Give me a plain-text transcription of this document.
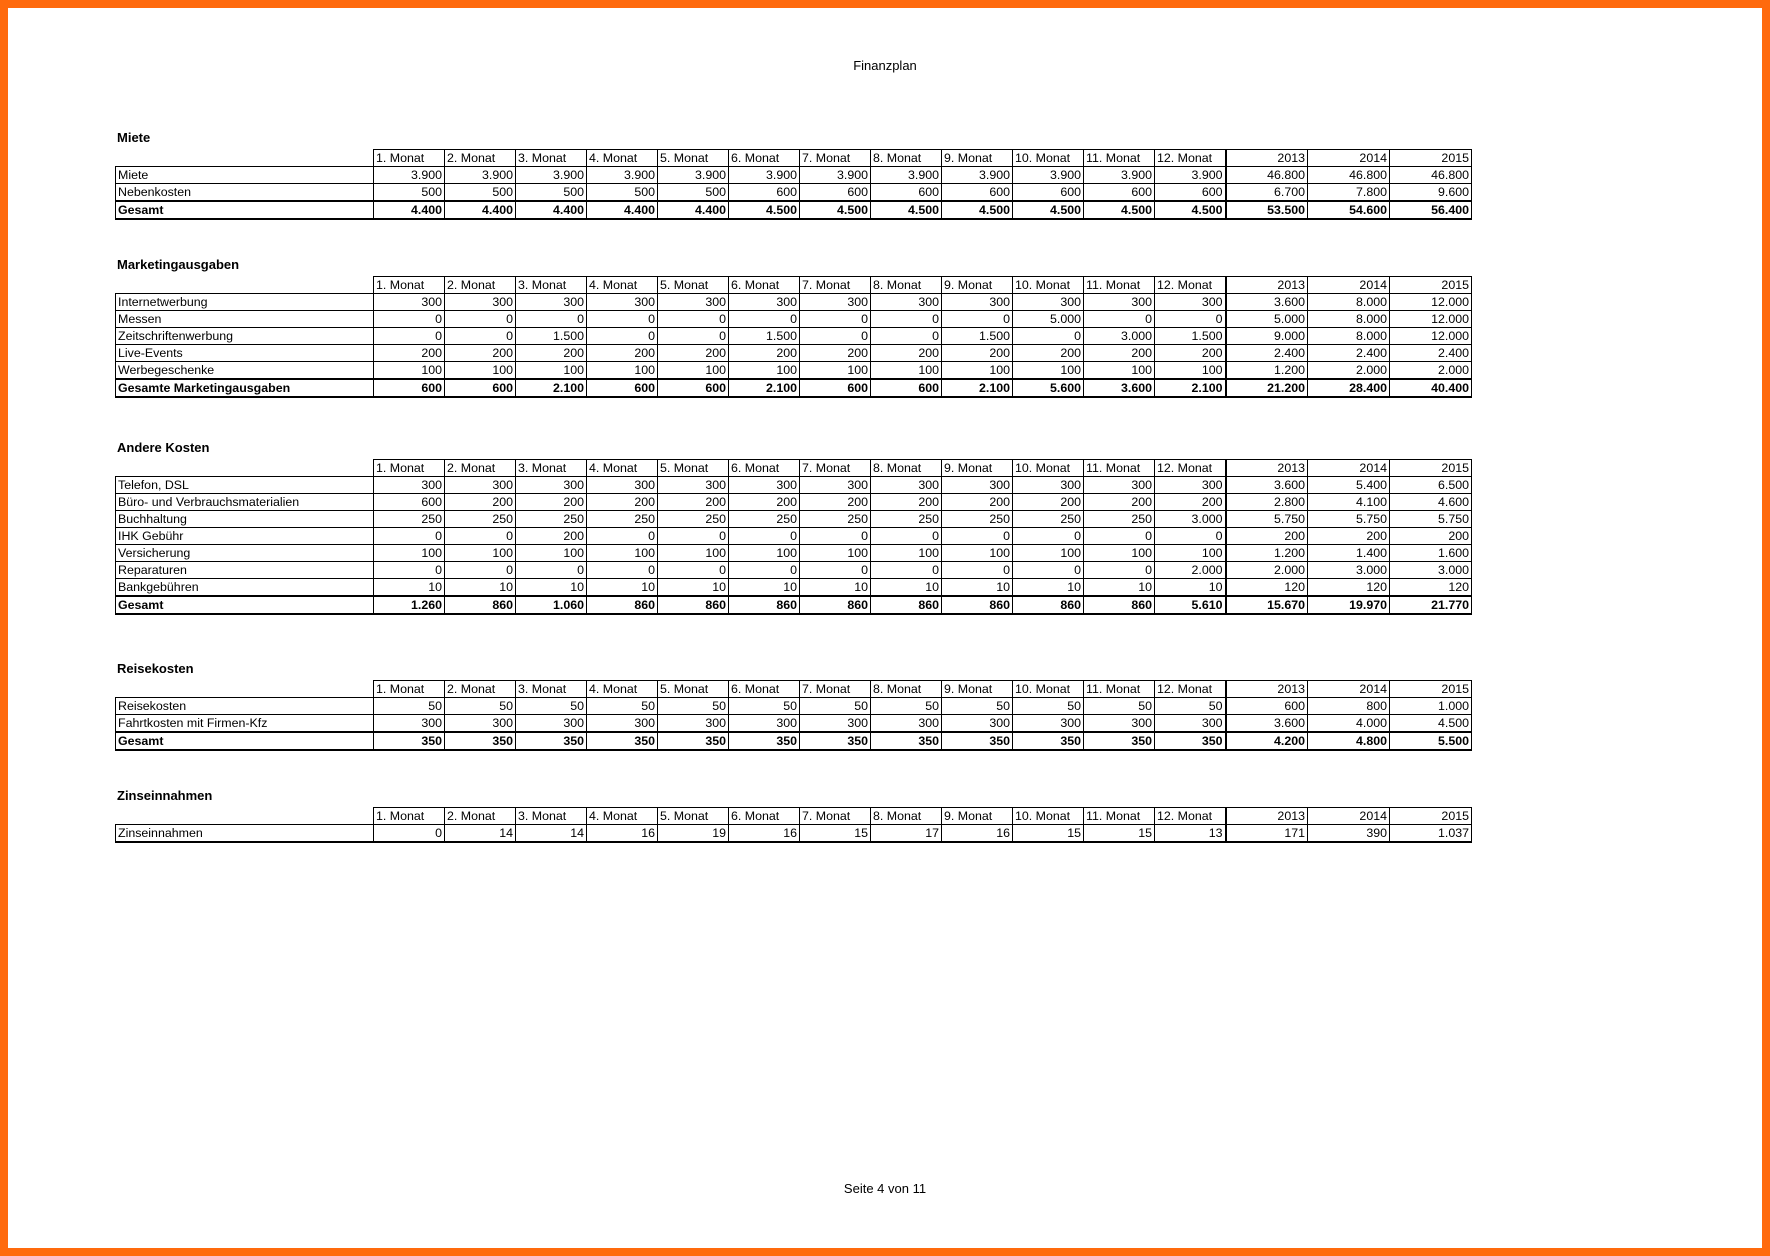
Finanzplan
Miete
	1. Monat	2. Monat	3. Monat	4. Monat	5. Monat	6. Monat	7. Monat	8. Monat	9. Monat	10. Monat	11. Monat	12. Monat	2013	2014	2015
Miete	3.900	3.900	3.900	3.900	3.900	3.900	3.900	3.900	3.900	3.900	3.900	3.900	46.800	46.800	46.800
Nebenkosten	500	500	500	500	500	600	600	600	600	600	600	600	6.700	7.800	9.600
Gesamt	4.400	4.400	4.400	4.400	4.400	4.500	4.500	4.500	4.500	4.500	4.500	4.500	53.500	54.600	56.400
Marketingausgaben
	1. Monat	2. Monat	3. Monat	4. Monat	5. Monat	6. Monat	7. Monat	8. Monat	9. Monat	10. Monat	11. Monat	12. Monat	2013	2014	2015
Internetwerbung	300	300	300	300	300	300	300	300	300	300	300	300	3.600	8.000	12.000
Messen	0	0	0	0	0	0	0	0	0	5.000	0	0	5.000	8.000	12.000
Zeitschriftenwerbung	0	0	1.500	0	0	1.500	0	0	1.500	0	3.000	1.500	9.000	8.000	12.000
Live-Events	200	200	200	200	200	200	200	200	200	200	200	200	2.400	2.400	2.400
Werbegeschenke	100	100	100	100	100	100	100	100	100	100	100	100	1.200	2.000	2.000
Gesamte Marketingausgaben	600	600	2.100	600	600	2.100	600	600	2.100	5.600	3.600	2.100	21.200	28.400	40.400
Andere Kosten
	1. Monat	2. Monat	3. Monat	4. Monat	5. Monat	6. Monat	7. Monat	8. Monat	9. Monat	10. Monat	11. Monat	12. Monat	2013	2014	2015
Telefon, DSL	300	300	300	300	300	300	300	300	300	300	300	300	3.600	5.400	6.500
Büro- und Verbrauchsmaterialien	600	200	200	200	200	200	200	200	200	200	200	200	2.800	4.100	4.600
Buchhaltung	250	250	250	250	250	250	250	250	250	250	250	3.000	5.750	5.750	5.750
IHK Gebühr	0	0	200	0	0	0	0	0	0	0	0	0	200	200	200
Versicherung	100	100	100	100	100	100	100	100	100	100	100	100	1.200	1.400	1.600
Reparaturen	0	0	0	0	0	0	0	0	0	0	0	2.000	2.000	3.000	3.000
Bankgebühren	10	10	10	10	10	10	10	10	10	10	10	10	120	120	120
Gesamt	1.260	860	1.060	860	860	860	860	860	860	860	860	5.610	15.670	19.970	21.770
Reisekosten
	1. Monat	2. Monat	3. Monat	4. Monat	5. Monat	6. Monat	7. Monat	8. Monat	9. Monat	10. Monat	11. Monat	12. Monat	2013	2014	2015
Reisekosten	50	50	50	50	50	50	50	50	50	50	50	50	600	800	1.000
Fahrtkosten mit Firmen-Kfz	300	300	300	300	300	300	300	300	300	300	300	300	3.600	4.000	4.500
Gesamt	350	350	350	350	350	350	350	350	350	350	350	350	4.200	4.800	5.500
Zinseinnahmen
	1. Monat	2. Monat	3. Monat	4. Monat	5. Monat	6. Monat	7. Monat	8. Monat	9. Monat	10. Monat	11. Monat	12. Monat	2013	2014	2015
Zinseinnahmen	0	14	14	16	19	16	15	17	16	15	15	13	171	390	1.037
Seite 4 von 11
